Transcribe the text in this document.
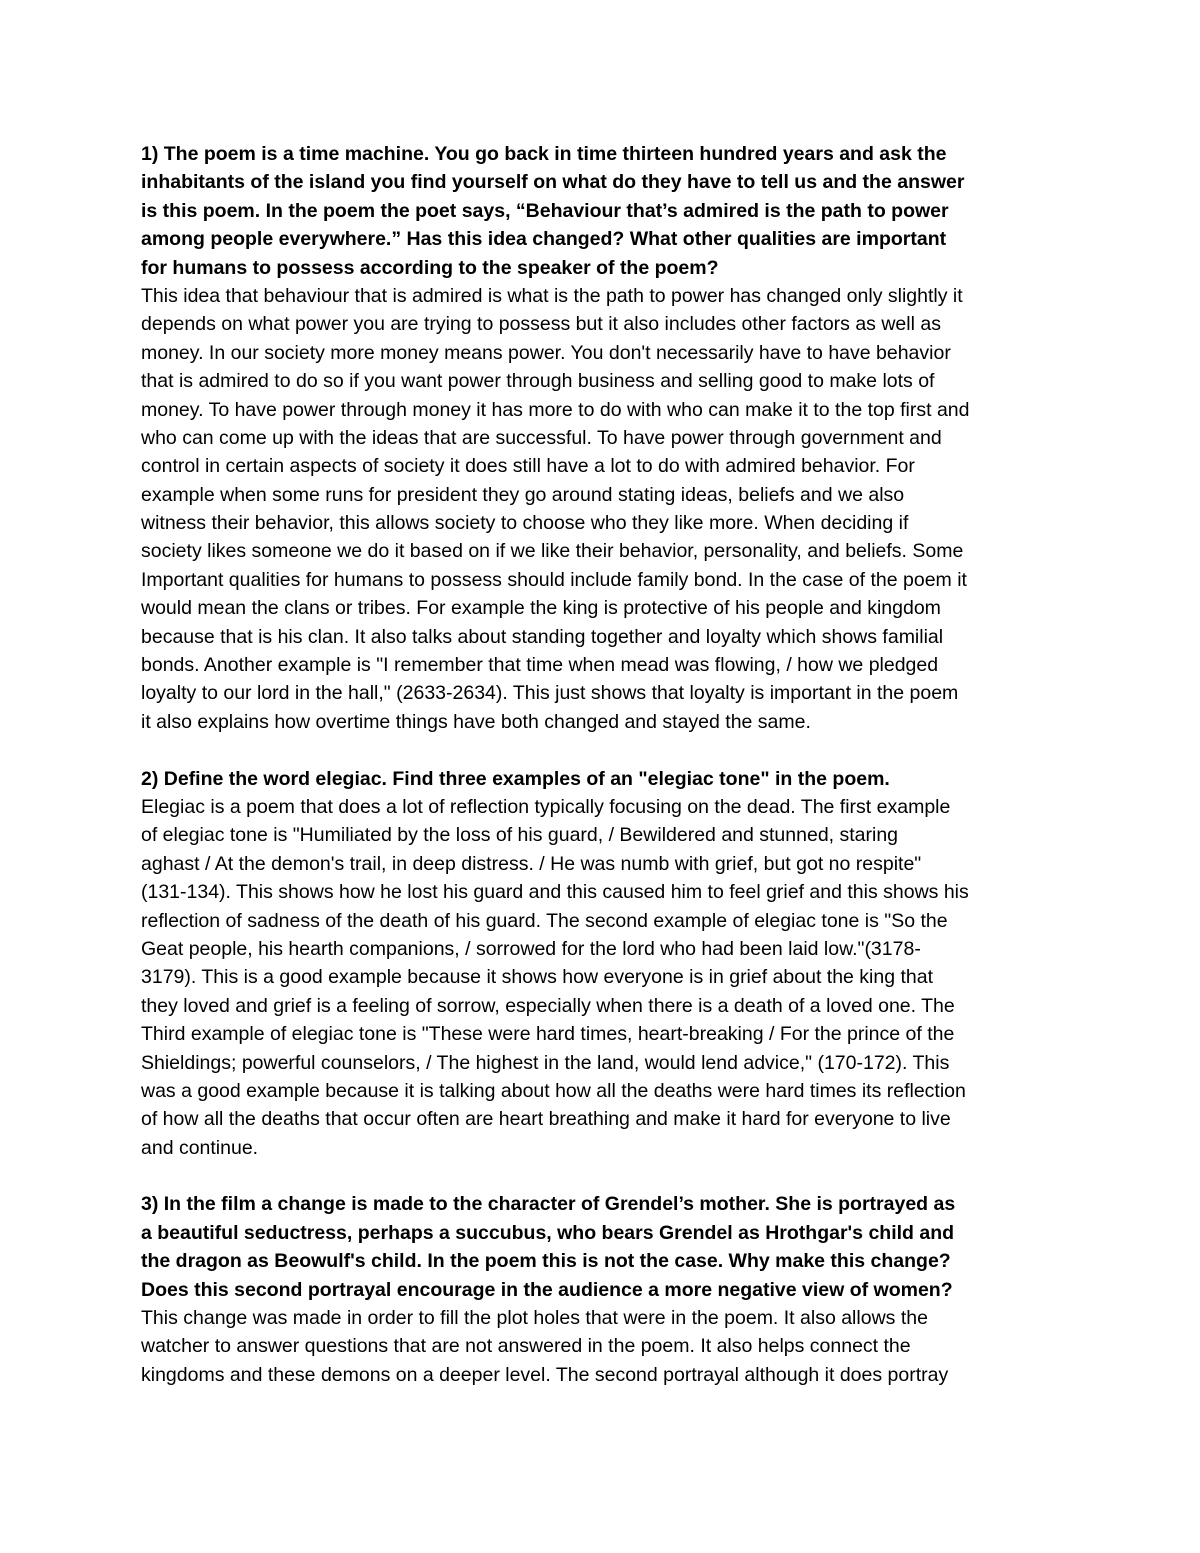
1) The poem is a time machine. You go back in time thirteen hundred years and ask the
inhabitants of the island you find yourself on what do they have to tell us and the answer
is this poem. In the poem the poet says, “Behaviour that’s admired is the path to power
among people everywhere.” Has this idea changed? What other qualities are important
for humans to possess according to the speaker of the poem?
This idea that behaviour that is admired is what is the path to power has changed only slightly it
depends on what power you are trying to possess but it also includes other factors as well as
money. In our society more money means power. You don't necessarily have to have behavior
that is admired to do so if you want power through business and selling good to make lots of
money. To have power through money it has more to do with who can make it to the top first and
who can come up with the ideas that are successful. To have power through government and
control in certain aspects of society it does still have a lot to do with admired behavior. For
example when some runs for president they go around stating ideas, beliefs and we also
witness their behavior, this allows society to choose who they like more. When deciding if
society likes someone we do it based on if we like their behavior, personality, and beliefs. Some
Important qualities for humans to possess should include family bond. In the case of the poem it
would mean the clans or tribes. For example the king is protective of his people and kingdom
because that is his clan. It also talks about standing together and loyalty which shows familial
bonds. Another example is "I remember that time when mead was flowing, / how we pledged
loyalty to our lord in the hall," (2633-2634). This just shows that loyalty is important in the poem
it also explains how overtime things have both changed and stayed the same.
2) Define the word elegiac. Find three examples of an "elegiac tone" in the poem.
Elegiac is a poem that does a lot of reflection typically focusing on the dead. The first example
of elegiac tone is "Humiliated by the loss of his guard, / Bewildered and stunned, staring
aghast / At the demon's trail, in deep distress. / He was numb with grief, but got no respite"
(131-134). This shows how he lost his guard and this caused him to feel grief and this shows his
reflection of sadness of the death of his guard. The second example of elegiac tone is "So the
Geat people, his hearth companions, / sorrowed for the lord who had been laid low."(3178-
3179). This is a good example because it shows how everyone is in grief about the king that
they loved and grief is a feeling of sorrow, especially when there is a death of a loved one. The
Third example of elegiac tone is "These were hard times, heart-breaking / For the prince of the
Shieldings; powerful counselors, / The highest in the land, would lend advice," (170-172). This
was a good example because it is talking about how all the deaths were hard times its reflection
of how all the deaths that occur often are heart breathing and make it hard for everyone to live
and continue.
3) In the film a change is made to the character of Grendel’s mother. She is portrayed as
a beautiful seductress, perhaps a succubus, who bears Grendel as Hrothgar's child and
the dragon as Beowulf's child. In the poem this is not the case. Why make this change?
Does this second portrayal encourage in the audience a more negative view of women?
This change was made in order to fill the plot holes that were in the poem. It also allows the
watcher to answer questions that are not answered in the poem. It also helps connect the
kingdoms and these demons on a deeper level. The second portrayal although it does portray
